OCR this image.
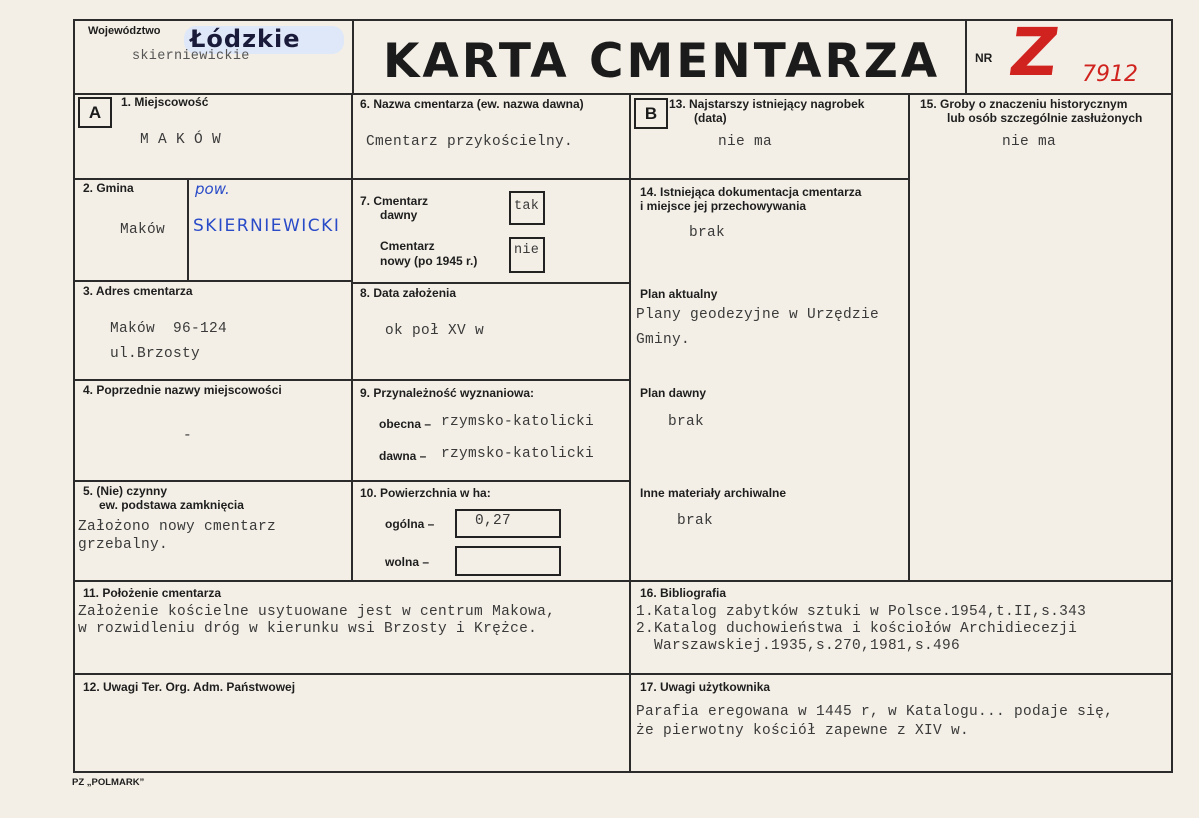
Województwo Łódzkie
skierniewickie	KARTA CMENTARZA	NR Z 7912
A
1. Miejscowość
M A K Ó W
2. Gmina
Maków
pow.
SKIERNIEWICKI
3. Adres cmentarza
Maków  96-124
ul.Brzosty
4. Poprzednie nazwy miejscowości
-
5. (Nie) czynny
ew. podstawa zamknięcia
Założono nowy cmentarz
grzebalny.
6. Nazwa cmentarza (ew. nazwa dawna)
Cmentarz przykościelny.
7. Cmentarz
dawny
tak
Cmentarz
nowy (po 1945 r.)
nie
8. Data założenia
ok poł XV w
9. Przynależność wyznaniowa:
obecna – rzymsko-katolicki
dawna – rzymsko-katolicki
10. Powierzchnia w ha:
ogólna –	0,27
wolna –
B 13. Najstarszy istniejący nagrobek
(data)
nie ma
14. Istniejąca dokumentacja cmentarza
i miejsce jej przechowywania
brak
Plan aktualny
Plany geodezyjne w Urzędzie
Gminy.
Plan dawny
brak
Inne materiały archiwalne
brak
15. Groby o znaczeniu historycznym
lub osób szczególnie zasłużonych
nie ma
11. Położenie cmentarza
Założenie kościelne usytuowane jest w centrum Makowa,
w rozwidleniu dróg w kierunku wsi Brzosty i Krężce.
16. Bibliografia
1.Katalog zabytków sztuki w Polsce.1954,t.II,s.343
2.Katalog duchowieństwa i kościołów Archidiecezji
Warszawskiej.1935,s.270,1981,s.496
12. Uwagi Ter. Org. Adm. Państwowej	17. Uwagi użytkownika
Parafia eregowana w 1445 r, w Katalogu... podaje się,
że pierwotny kościół zapewne z XIV w.
PZ „POLMARK”
